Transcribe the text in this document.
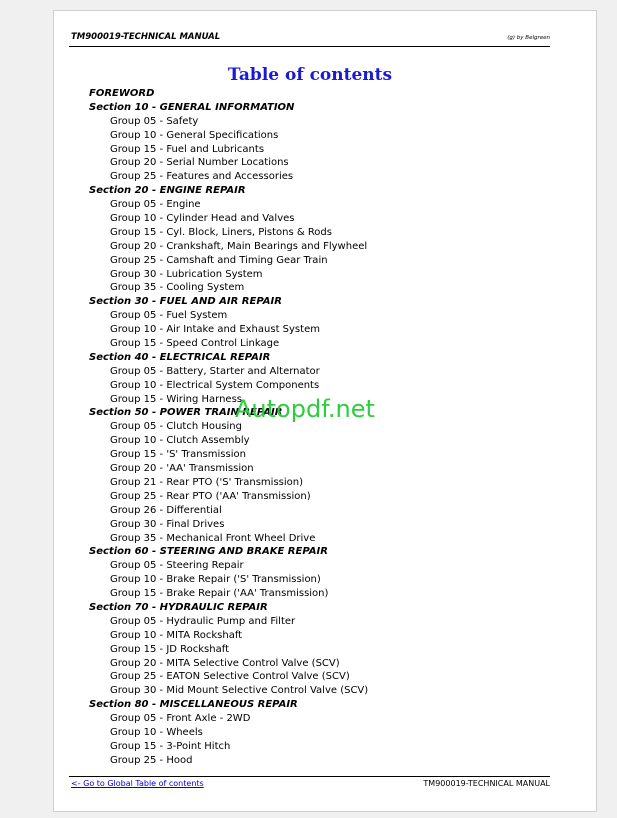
TM900019-TECHNICAL MANUAL	(g) by Belgreen
Table of contents
FOREWORD
Section 10 - GENERAL INFORMATION
Group 05 - Safety
Group 10 - General Specifications
Group 15 - Fuel and Lubricants
Group 20 - Serial Number Locations
Group 25 - Features and Accessories
Section 20 - ENGINE REPAIR
Group 05 - Engine
Group 10 - Cylinder Head and Valves
Group 15 - Cyl. Block, Liners, Pistons & Rods
Group 20 - Crankshaft, Main Bearings and Flywheel
Group 25 - Camshaft and Timing Gear Train
Group 30 - Lubrication System
Group 35 - Cooling System
Section 30 - FUEL AND AIR REPAIR
Group 05 - Fuel System
Group 10 - Air Intake and Exhaust System
Group 15 - Speed Control Linkage
Section 40 - ELECTRICAL REPAIR
Group 05 - Battery, Starter and Alternator
Group 10 - Electrical System Components
Group 15 - Wiring Harness
Section 50 - POWER TRAIN REPAIR
Group 05 - Clutch Housing
Group 10 - Clutch Assembly
Group 15 - 'S' Transmission
Group 20 - 'AA' Transmission
Group 21 - Rear PTO ('S' Transmission)
Group 25 - Rear PTO ('AA' Transmission)
Group 26 - Differential
Group 30 - Final Drives
Group 35 - Mechanical Front Wheel Drive
Section 60 - STEERING AND BRAKE REPAIR
Group 05 - Steering Repair
Group 10 - Brake Repair ('S' Transmission)
Group 15 - Brake Repair ('AA' Transmission)
Section 70 - HYDRAULIC REPAIR
Group 05 - Hydraulic Pump and Filter
Group 10 - MITA Rockshaft
Group 15 - JD Rockshaft
Group 20 - MITA Selective Control Valve (SCV)
Group 25 - EATON Selective Control Valve (SCV)
Group 30 - Mid Mount Selective Control Valve (SCV)
Section 80 - MISCELLANEOUS REPAIR
Group 05 - Front Axle - 2WD
Group 10 - Wheels
Group 15 - 3-Point Hitch
Group 25 - Hood
Autopdf.net
<- Go to Global Table of contents	TM900019-TECHNICAL MANUAL
